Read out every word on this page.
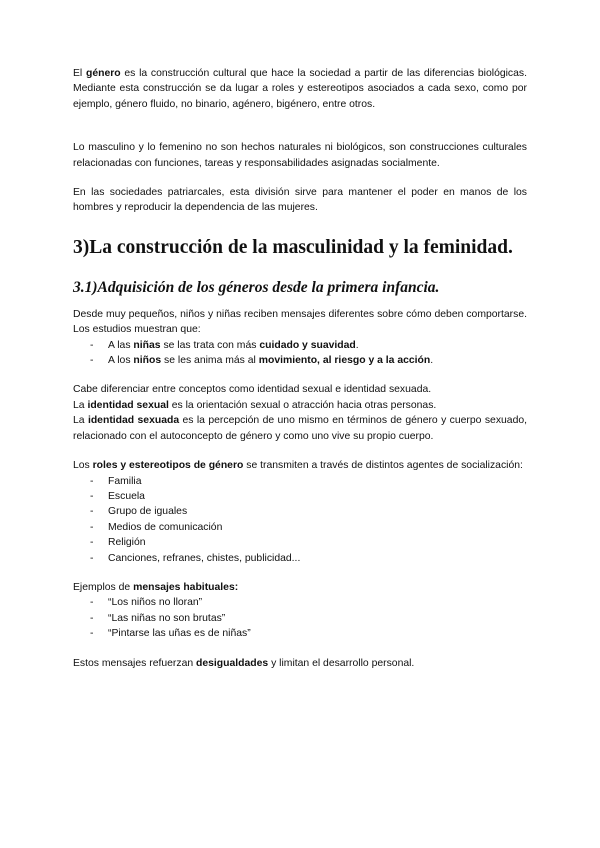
El género es la construcción cultural que hace la sociedad a partir de las diferencias biológicas. Mediante esta construcción se da lugar a roles y estereotipos asociados a cada sexo, como por ejemplo, género fluido, no binario, agénero, bigénero, entre otros.

Lo masculino y lo femenino no son hechos naturales ni biológicos, son construcciones culturales relacionadas con funciones, tareas y responsabilidades asignadas socialmente.

En las sociedades patriarcales, esta división sirve para mantener el poder en manos de los hombres y reproducir la dependencia de las mujeres.

3)La construcción de la masculinidad y la feminidad.
3.1)Adquisición de los géneros desde la primera infancia.

Desde muy pequeños, niños y niñas reciben mensajes diferentes sobre cómo deben comportarse. Los estudios muestran que:

- A las niñas se las trata con más cuidado y suavidad.
- A los niños se les anima más al movimiento, al riesgo y a la acción.

Cabe diferenciar entre conceptos como identidad sexual e identidad sexuada.

La identidad sexual es la orientación sexual o atracción hacia otras personas.

La identidad sexuada es la percepción de uno mismo en términos de género y cuerpo sexuado, relacionado con el autoconcepto de género y como uno vive su propio cuerpo.

Los roles y estereotipos de género se transmiten a través de distintos agentes de socialización:

- Familia
- Escuela
- Grupo de iguales
- Medios de comunicación
- Religión
- Canciones, refranes, chistes, publicidad...

Ejemplos de mensajes habituales:

- “Los niños no lloran”
- “Las niñas no son brutas”
- “Pintarse las uñas es de niñas”

Estos mensajes refuerzan desigualdades y limitan el desarrollo personal.
